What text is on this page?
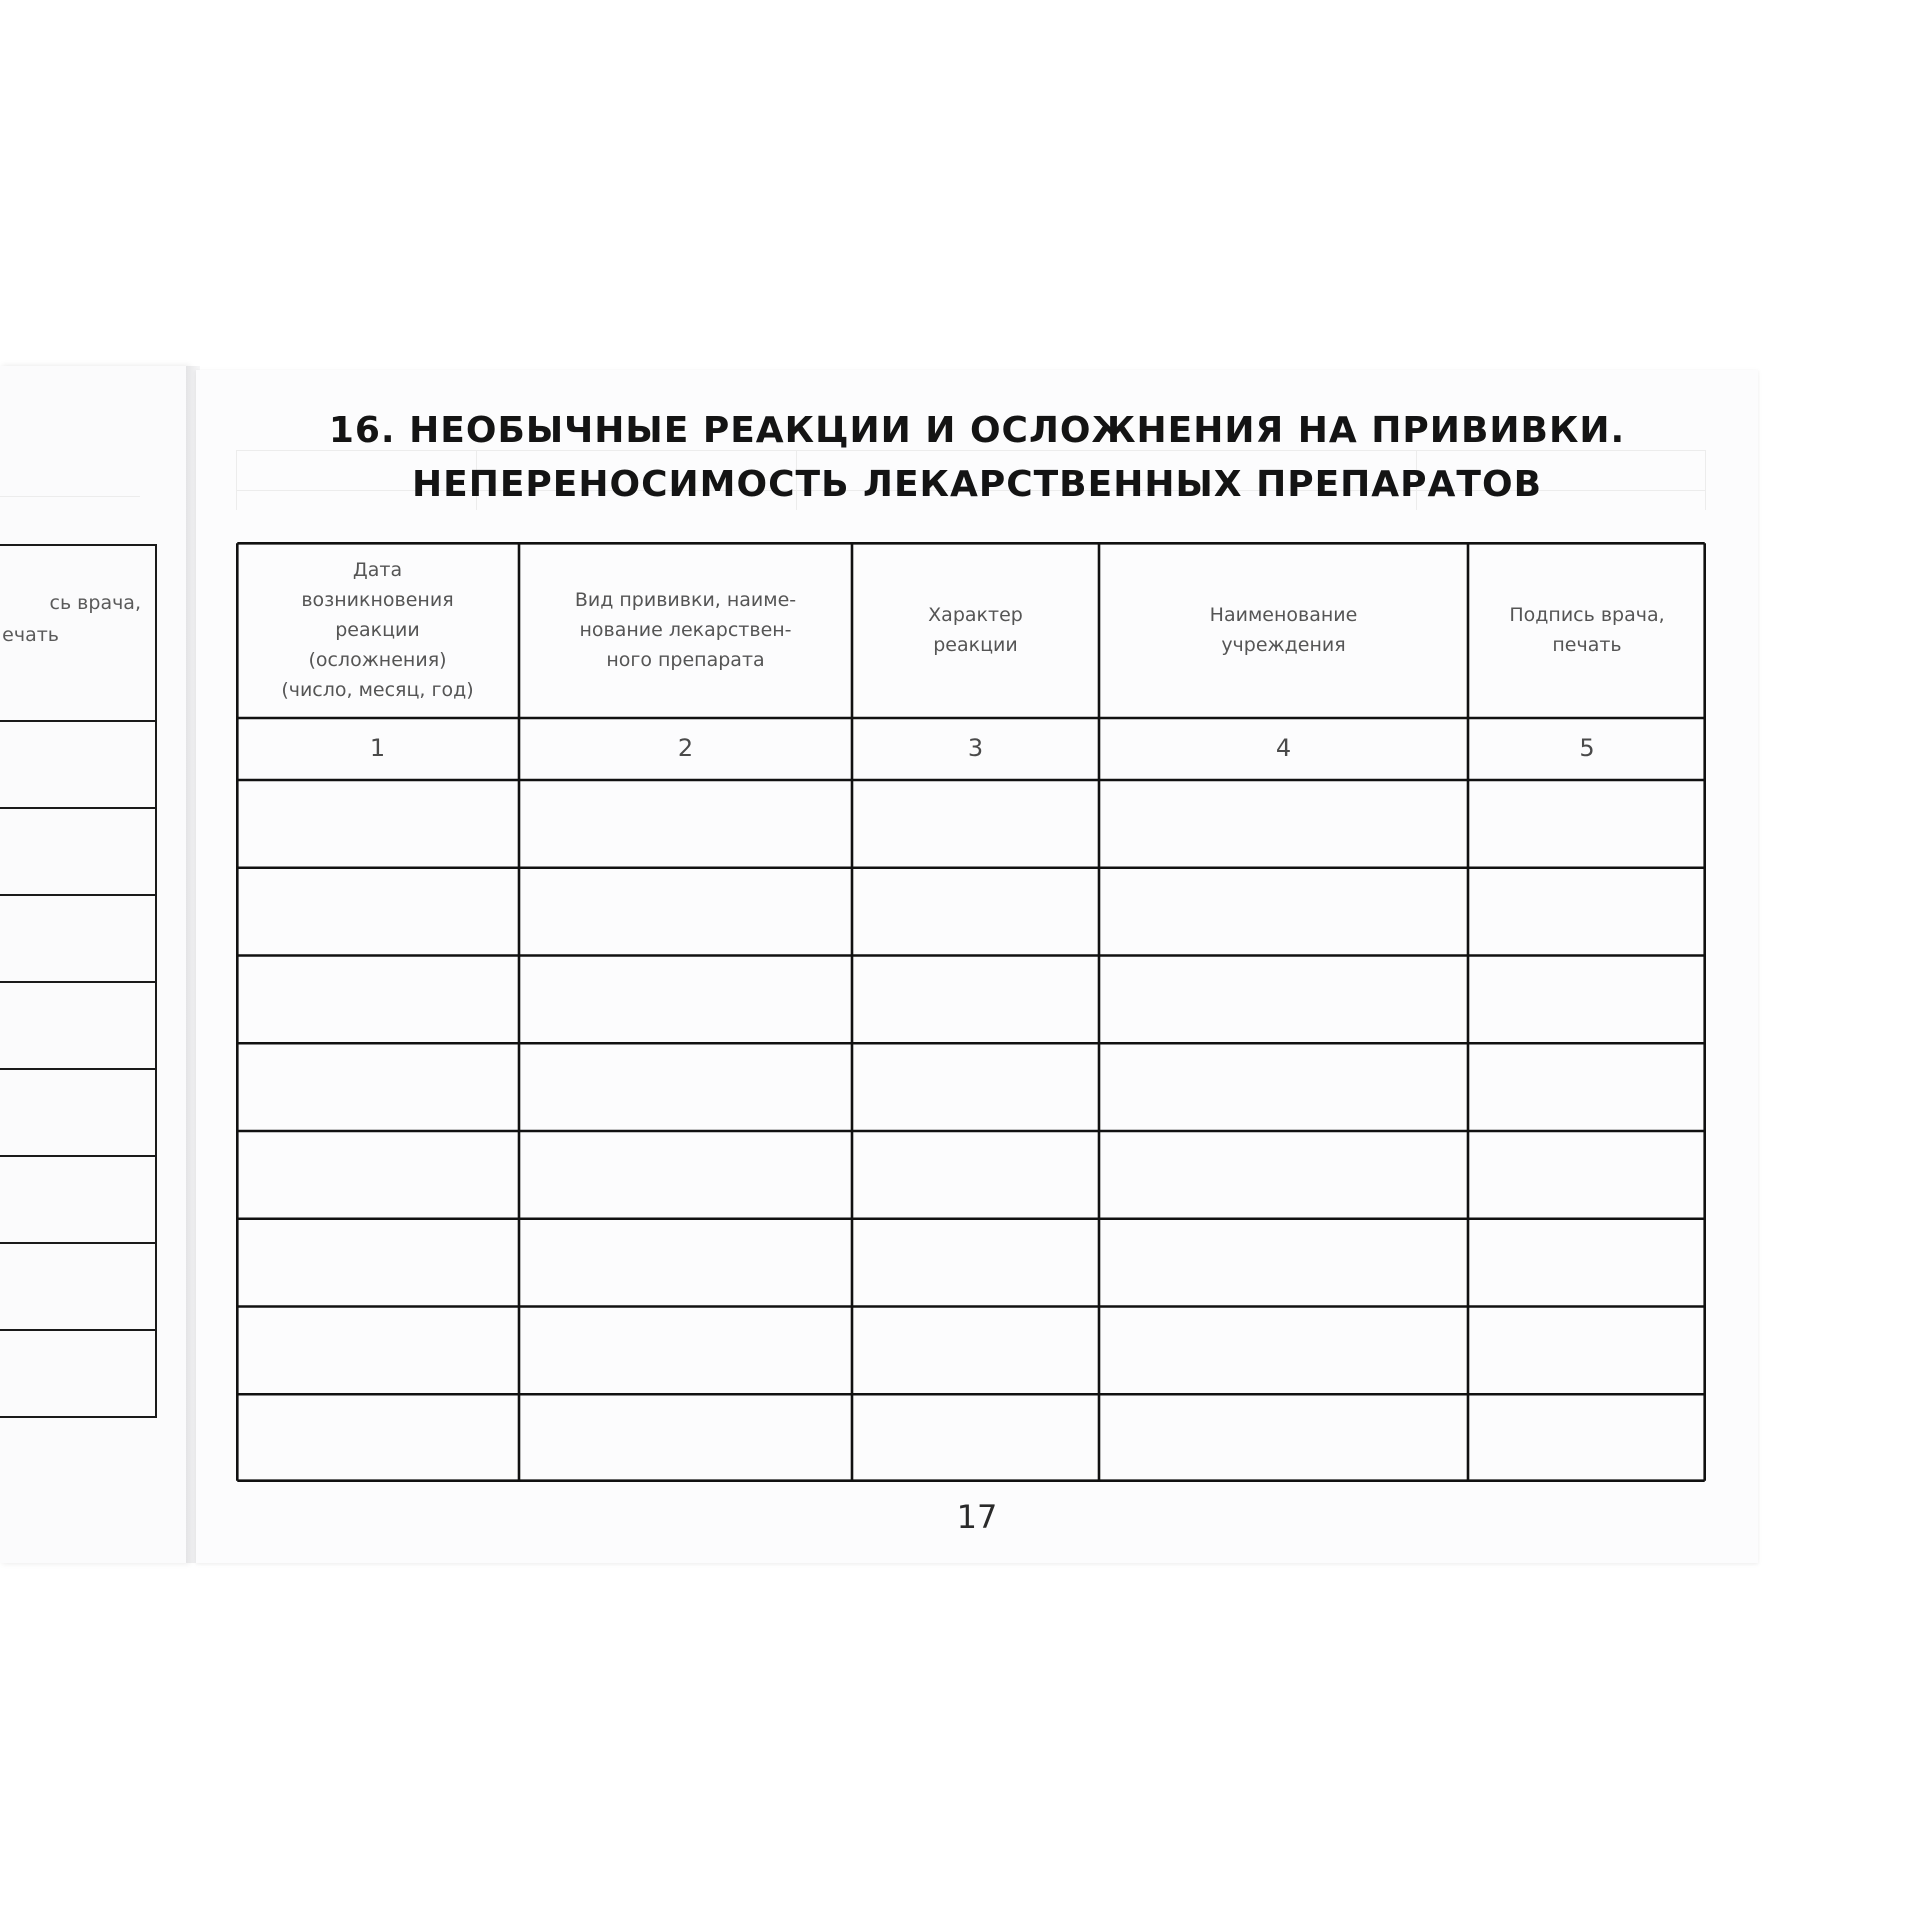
сь врача,
ечать
16. НЕОБЫЧНЫЕ РЕАКЦИИ И ОСЛОЖНЕНИЯ НА ПРИВИВКИ.
НЕПЕРЕНОСИМОСТЬ ЛЕКАРСТВЕННЫХ ПРЕПАРАТОВ
Дата
возникновения
реакции
(осложнения)
(число, месяц, год)
1
Вид прививки, наиме-
нование лекарствен-
ного препарата
2
Характер
реакции
3
Наименование
учреждения
4
Подпись врача,
печать
5
17
